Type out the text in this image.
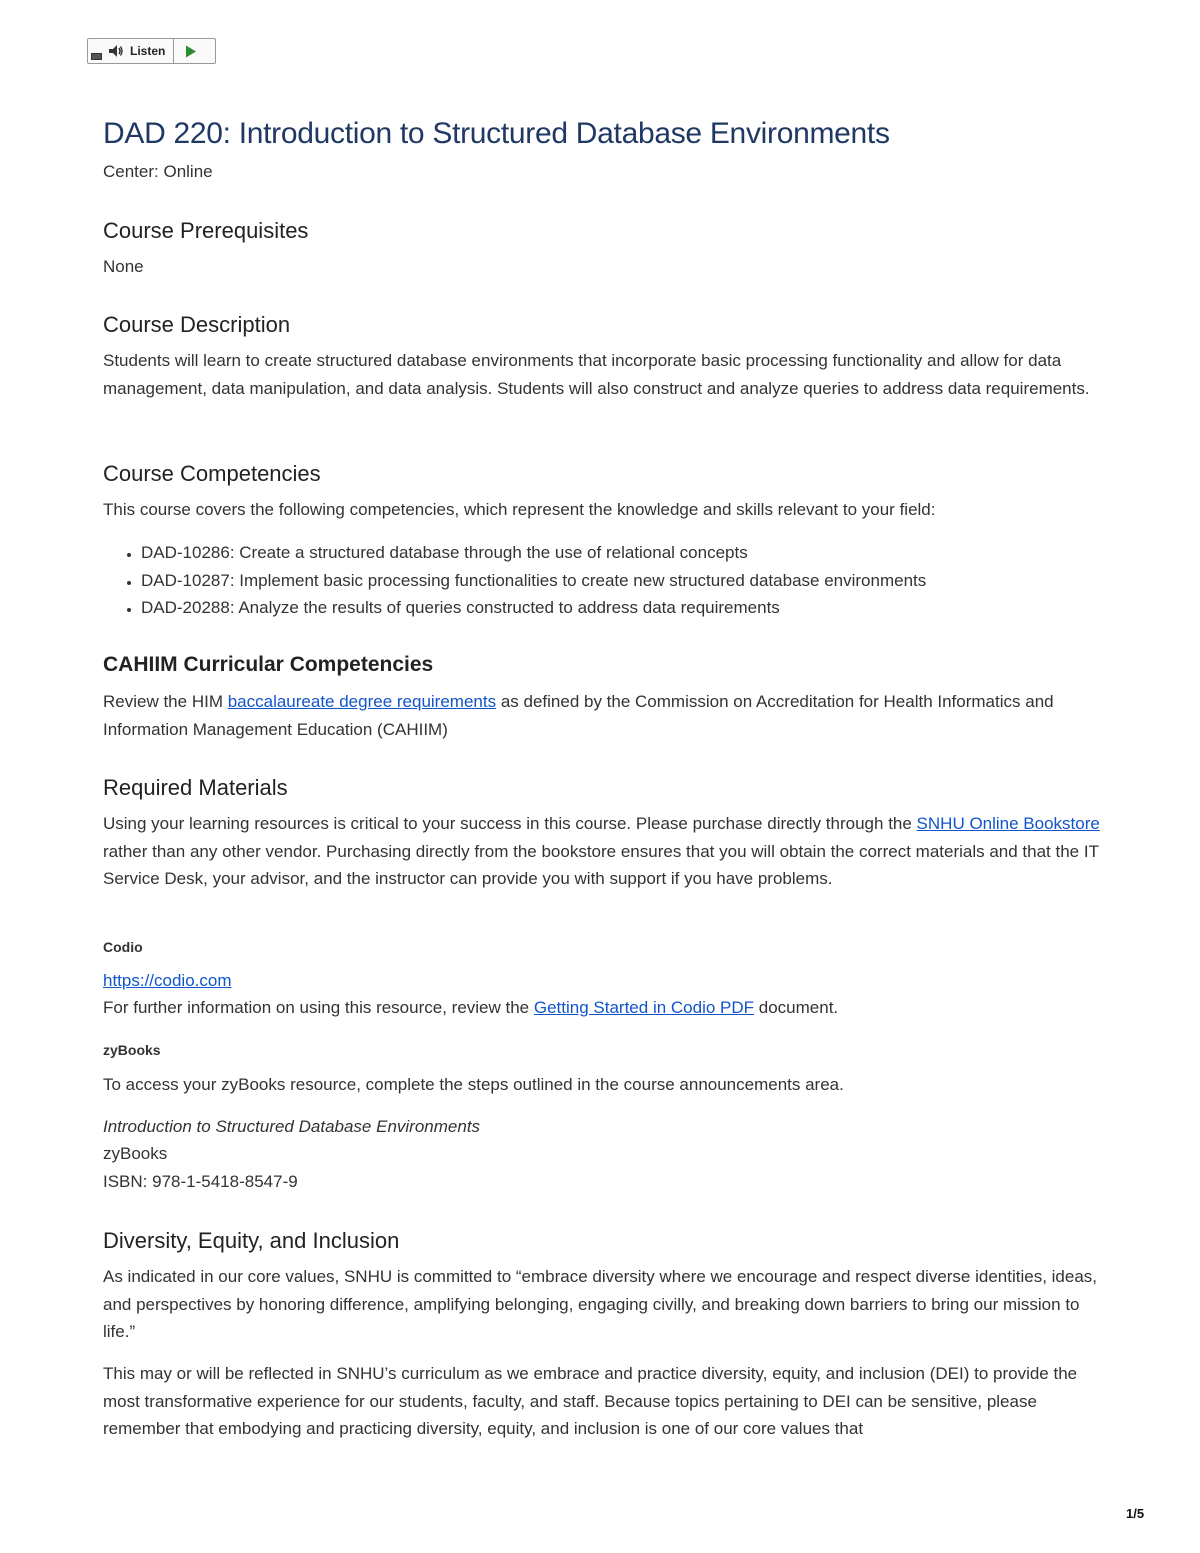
Listen
DAD 220: Introduction to Structured Database Environments
Center: Online
Course Prerequisites

None

Course Description

Students will learn to create structured database environments that incorporate basic processing functionality and allow for data management, data manipulation, and data analysis. Students will also construct and analyze queries to address data requirements.

Course Competencies

This course covers the following competencies, which represent the knowledge and skills relevant to your field:

• DAD-10286: Create a structured database through the use of relational concepts
• DAD-10287: Implement basic processing functionalities to create new structured database environments
• DAD-20288: Analyze the results of queries constructed to address data requirements
CAHIIM Curricular Competencies

Review the HIM baccalaureate degree requirements as defined by the Commission on Accreditation for Health Informatics and Information Management Education (CAHIIM)

Required Materials

Using your learning resources is critical to your success in this course. Please purchase directly through the SNHU Online Bookstore rather than any other vendor. Purchasing directly from the bookstore ensures that you will obtain the correct materials and that the IT Service Desk, your advisor, and the instructor can provide you with support if you have problems.

Codio

https://codio.com

For further information on using this resource, review the Getting Started in Codio PDF document.

zyBooks

To access your zyBooks resource, complete the steps outlined in the course announcements area.

Introduction to Structured Database Environments

zyBooks

ISBN: 978-1-5418-8547-9

Diversity, Equity, and Inclusion

As indicated in our core values, SNHU is committed to “embrace diversity where we encourage and respect diverse identities, ideas, and perspectives by honoring difference, amplifying belonging, engaging civilly, and breaking down barriers to bring our mission to life.”

This may or will be reflected in SNHU’s curriculum as we embrace and practice diversity, equity, and inclusion (DEI) to provide the most transformative experience for our students, faculty, and staff. Because topics pertaining to DEI can be sensitive, please remember that embodying and practicing diversity, equity, and inclusion is one of our core values that

1/5
